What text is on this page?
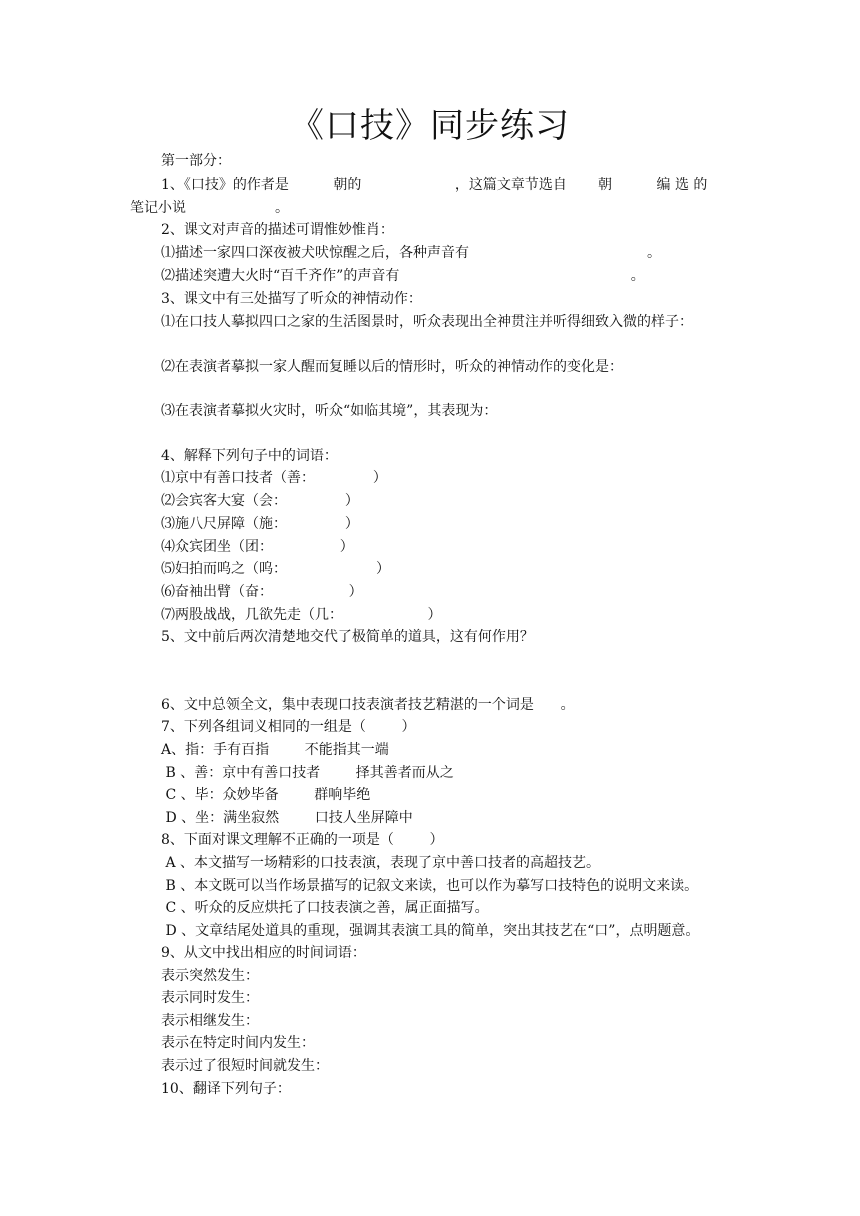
《口技》同步练习
第一部分：
1、《口技》的作者是          朝的                     ，这篇文章节选自       朝          编 选 的
笔记小说                    。
2、课文对声音的描述可谓惟妙惟肖：
⑴描述一家四口深夜被犬吠惊醒之后，各种声音有                                        。
⑵描述突遭大火时“百千齐作”的声音有                                                    。
3、课文中有三处描写了听众的神情动作：
⑴在口技人摹拟四口之家的生活图景时，听众表现出全神贯注并听得细致入微的样子：
⑵在表演者摹拟一家人醒而复睡以后的情形时，听众的神情动作的变化是：
⑶在表演者摹拟火灾时，听众“如临其境”，其表现为：
4、解释下列句子中的词语：
⑴京中有善口技者（善：             ）
⑵会宾客大宴（会：             ）
⑶施八尺屏障（施：             ）
⑷众宾团坐（团：               ）
⑸妇拍而呜之（呜：                    ）
⑹奋袖出臂（奋：                 ）
⑺两股战战，几欲先走（几：                   ）
5、文中前后两次清楚地交代了极简单的道具，这有何作用？
6、文中总领全文，集中表现口技表演者技艺精湛的一个词是      。
7、下列各组词义相同的一组是（        ）
A、指：手有百指        不能指其一端
B 、善：京中有善口技者        择其善者而从之
C 、毕：众妙毕备        群响毕绝
D 、坐：满坐寂然        口技人坐屏障中
8、下面对课文理解不正确的一项是（        ）
A 、本文描写一场精彩的口技表演，表现了京中善口技者的高超技艺。
B 、本文既可以当作场景描写的记叙文来读，也可以作为摹写口技特色的说明文来读。
C 、听众的反应烘托了口技表演之善，属正面描写。
D 、文章结尾处道具的重现，强调其表演工具的简单，突出其技艺在“口”，点明题意。
9、从文中找出相应的时间词语：
表示突然发生：
表示同时发生：
表示相继发生：
表示在特定时间内发生：
表示过了很短时间就发生：
10、翻译下列句子：
